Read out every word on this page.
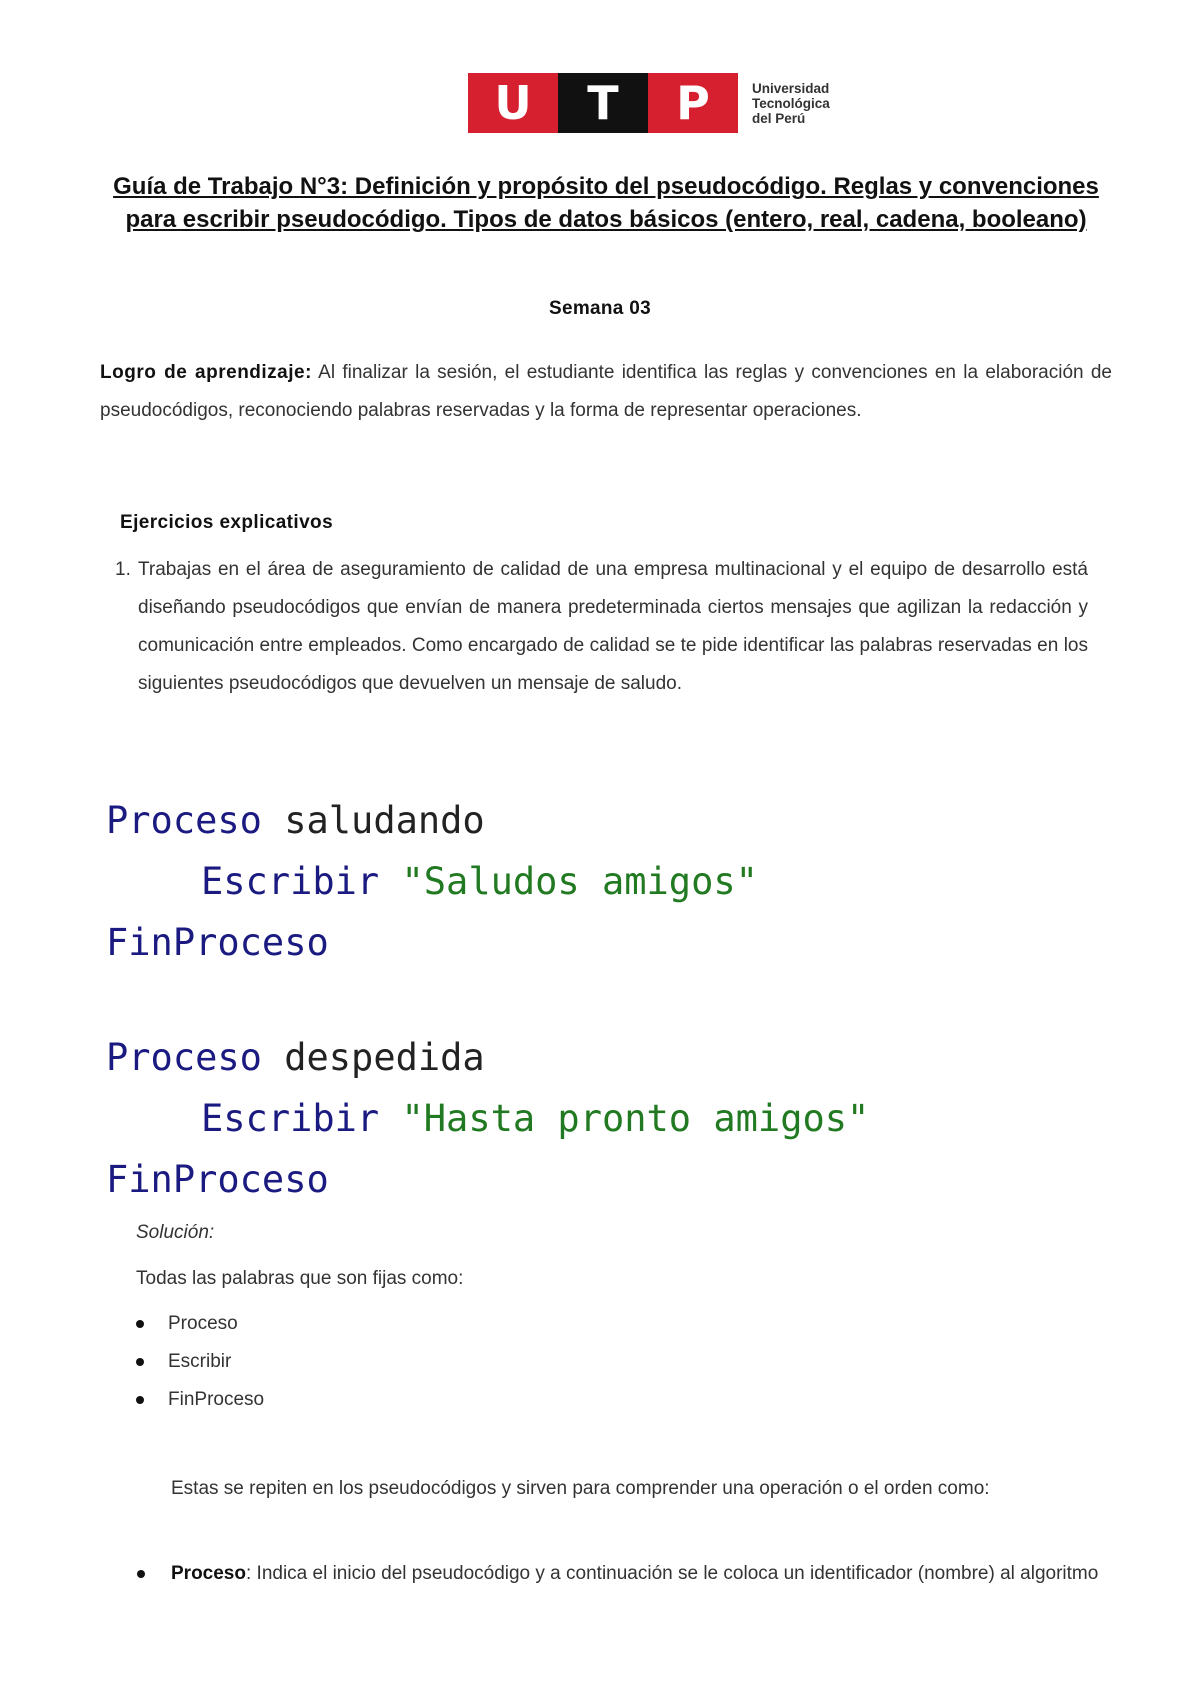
U	T	P	Universidad
Tecnológica
del Perú
Guía de Trabajo N°3: Definición y propósito del pseudocódigo. Reglas y convenciones para escribir pseudocódigo. Tipos de datos básicos (entero, real, cadena, booleano)
Semana 03
Logro de aprendizaje: Al finalizar la sesión, el estudiante identifica las reglas y convenciones en la elaboración de pseudocódigos, reconociendo palabras reservadas y la forma de representar operaciones.
Ejercicios explicativos
1. Trabajas en el área de aseguramiento de calidad de una empresa multinacional y el equipo de desarrollo está diseñando pseudocódigos que envían de manera predeterminada ciertos mensajes que agilizan la redacción y comunicación entre empleados. Como encargado de calidad se te pide identificar las palabras reservadas en los siguientes pseudocódigos que devuelven un mensaje de saludo.
Proceso saludando
Escribir "Saludos amigos"
FinProceso
Proceso despedida
Escribir "Hasta pronto amigos"
FinProceso
Solución:
Todas las palabras que son fijas como:
Proceso
Escribir
FinProceso
Estas se repiten en los pseudocódigos y sirven para comprender una operación o el orden como:
Proceso: Indica el inicio del pseudocódigo y a continuación se le coloca un identificador (nombre) al algoritmo
